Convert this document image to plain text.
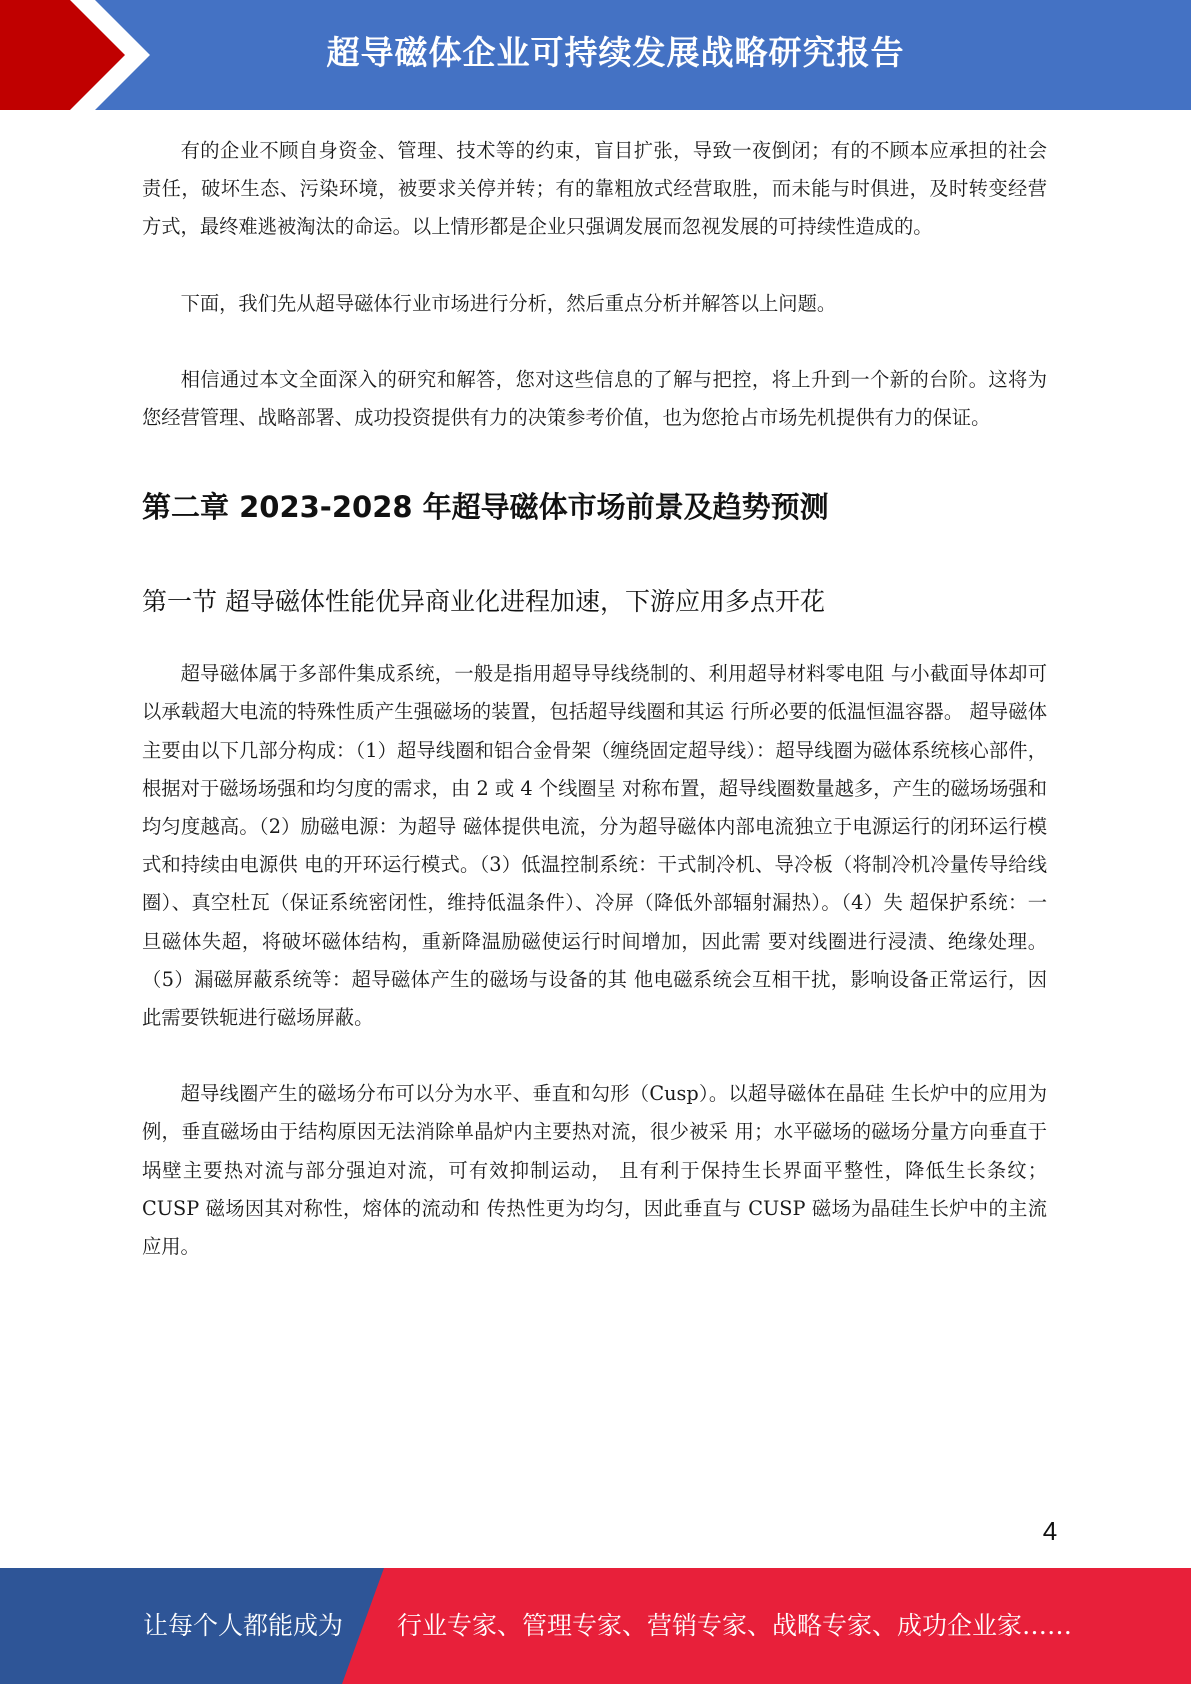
超导磁体企业可持续发展战略研究报告

有的企业不顾自身资金、管理、技术等的约束，盲目扩张，导致一夜倒闭；有的不顾本应承担的社会责任，破坏生态、污染环境，被要求关停并转；有的靠粗放式经营取胜，而未能与时俱进，及时转变经营方式，最终难逃被淘汰的命运。以上情形都是企业只强调发展而忽视发展的可持续性造成的。

下面，我们先从超导磁体行业市场进行分析，然后重点分析并解答以上问题。

相信通过本文全面深入的研究和解答，您对这些信息的了解与把控，将上升到一个新的台阶。这将为您经营管理、战略部署、成功投资提供有力的决策参考价值，也为您抢占市场先机提供有力的保证。

第二章 2023-2028 年超导磁体市场前景及趋势预测
第一节 超导磁体性能优异商业化进程加速，下游应用多点开花

超导磁体属于多部件集成系统，一般是指用超导导线绕制的、利用超导材料零电阻 与小截面导体却可以承载超大电流的特殊性质产生强磁场的装置，包括超导线圈和其运 行所必要的低温恒温容器。 超导磁体主要由以下几部分构成：（1）超导线圈和铝合金骨架（缠绕固定超导线）：超导线圈为磁体系统核心部件，根据对于磁场场强和均匀度的需求，由 2 或 4 个线圈呈 对称布置，超导线圈数量越多，产生的磁场场强和均匀度越高。（2）励磁电源：为超导 磁体提供电流，分为超导磁体内部电流独立于电源运行的闭环运行模式和持续由电源供 电的开环运行模式。（3）低温控制系统：干式制冷机、导冷板（将制冷机冷量传导给线 圈）、真空杜瓦（保证系统密闭性，维持低温条件）、冷屏（降低外部辐射漏热）。（4）失 超保护系统：一旦磁体失超，将破坏磁体结构，重新降温励磁使运行时间增加，因此需 要对线圈进行浸渍、绝缘处理。（5）漏磁屏蔽系统等：超导磁体产生的磁场与设备的其 他电磁系统会互相干扰，影响设备正常运行，因此需要铁轭进行磁场屏蔽。

超导线圈产生的磁场分布可以分为水平、垂直和勾形（Cusp）。以超导磁体在晶硅 生长炉中的应用为例，垂直磁场由于结构原因无法消除单晶炉内主要热对流，很少被采 用；水平磁场的磁场分量方向垂直于埚壁主要热对流与部分强迫对流，可有效抑制运动， 且有利于保持生长界面平整性，降低生长条纹；CUSP 磁场因其对称性，熔体的流动和 传热性更为均匀，因此垂直与 CUSP 磁场为晶硅生长炉中的主流应用。

4
让每个人都能成为 行业专家、管理专家、营销专家、战略专家、成功企业家……
